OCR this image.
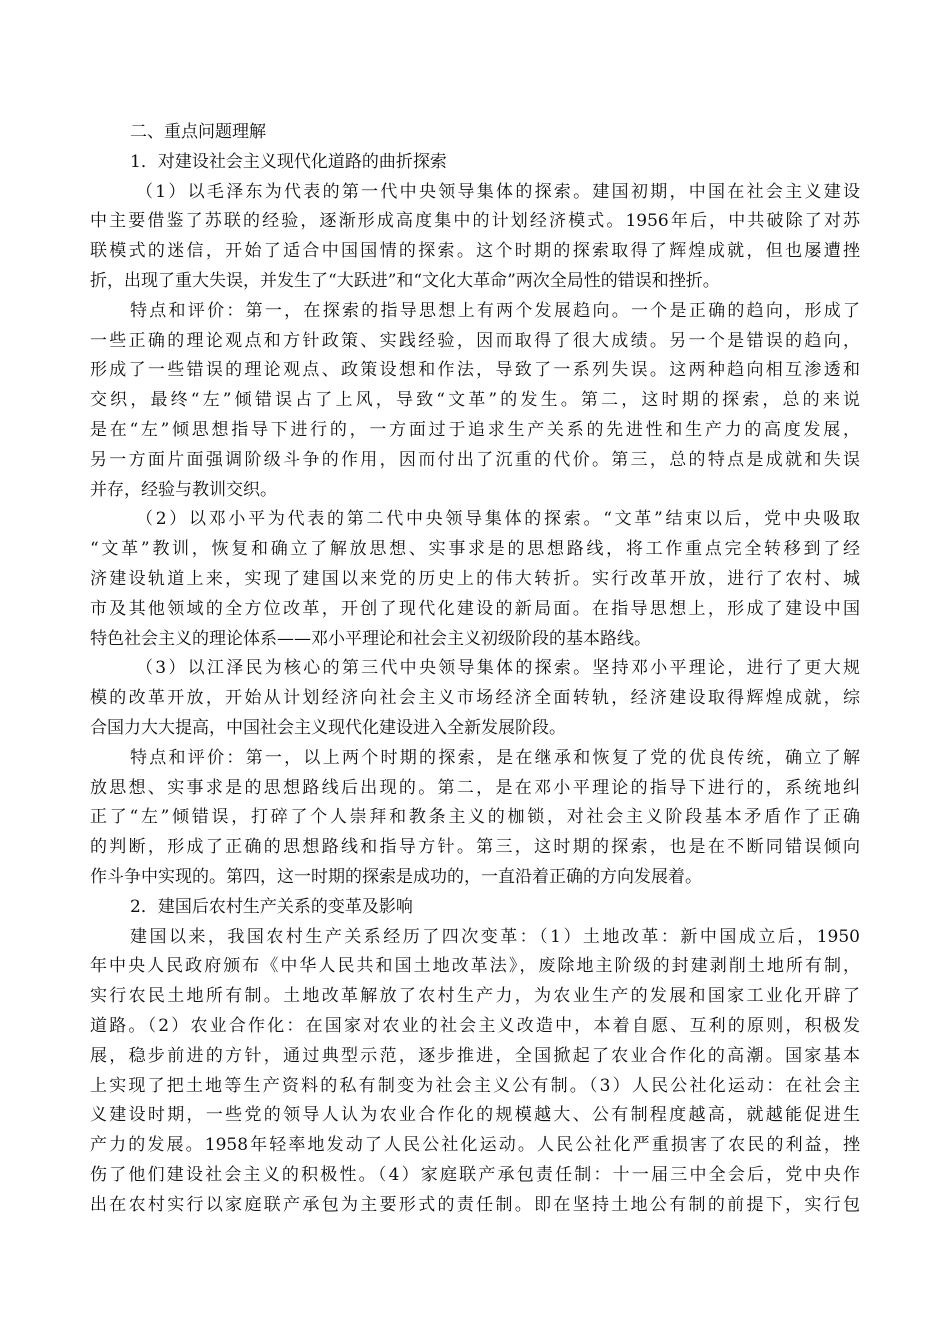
二、重点问题理解
1．对建设社会主义现代化道路的曲折探索
（1）以毛泽东为代表的第一代中央领导集体的探索。建国初期，中国在社会主义建设
中主要借鉴了苏联的经验，逐渐形成高度集中的计划经济模式。1956年后，中共破除了对苏
联模式的迷信，开始了适合中国国情的探索。这个时期的探索取得了辉煌成就，但也屡遭挫
折，出现了重大失误，并发生了“大跃进”和“文化大革命”两次全局性的错误和挫折。
特点和评价：第一，在探索的指导思想上有两个发展趋向。一个是正确的趋向，形成了
一些正确的理论观点和方针政策、实践经验，因而取得了很大成绩。另一个是错误的趋向，
形成了一些错误的理论观点、政策设想和作法，导致了一系列失误。这两种趋向相互渗透和
交织，最终“左”倾错误占了上风，导致“文革”的发生。第二，这时期的探索，总的来说
是在“左”倾思想指导下进行的，一方面过于追求生产关系的先进性和生产力的高度发展，
另一方面片面强调阶级斗争的作用，因而付出了沉重的代价。第三，总的特点是成就和失误
并存，经验与教训交织。
（2）以邓小平为代表的第二代中央领导集体的探索。“文革”结束以后，党中央吸取
“文革”教训，恢复和确立了解放思想、实事求是的思想路线，将工作重点完全转移到了经
济建设轨道上来，实现了建国以来党的历史上的伟大转折。实行改革开放，进行了农村、城
市及其他领域的全方位改革，开创了现代化建设的新局面。在指导思想上，形成了建设中国
特色社会主义的理论体系——邓小平理论和社会主义初级阶段的基本路线。
（3）以江泽民为核心的第三代中央领导集体的探索。坚持邓小平理论，进行了更大规
模的改革开放，开始从计划经济向社会主义市场经济全面转轨，经济建设取得辉煌成就，综
合国力大大提高，中国社会主义现代化建设进入全新发展阶段。
特点和评价：第一，以上两个时期的探索，是在继承和恢复了党的优良传统，确立了解
放思想、实事求是的思想路线后出现的。第二，是在邓小平理论的指导下进行的，系统地纠
正了“左”倾错误，打碎了个人崇拜和教条主义的枷锁，对社会主义阶段基本矛盾作了正确
的判断，形成了正确的思想路线和指导方针。第三，这时期的探索，也是在不断同错误倾向
作斗争中实现的。第四，这一时期的探索是成功的，一直沿着正确的方向发展着。
2．建国后农村生产关系的变革及影响
建国以来，我国农村生产关系经历了四次变革：（1）土地改革：新中国成立后，1950
年中央人民政府颁布《中华人民共和国土地改革法》，废除地主阶级的封建剥削土地所有制，
实行农民土地所有制。土地改革解放了农村生产力，为农业生产的发展和国家工业化开辟了
道路。（2）农业合作化：在国家对农业的社会主义改造中，本着自愿、互利的原则，积极发
展，稳步前进的方针，通过典型示范，逐步推进，全国掀起了农业合作化的高潮。国家基本
上实现了把土地等生产资料的私有制变为社会主义公有制。（3）人民公社化运动：在社会主
义建设时期，一些党的领导人认为农业合作化的规模越大、公有制程度越高，就越能促进生
产力的发展。1958年轻率地发动了人民公社化运动。人民公社化严重损害了农民的利益，挫
伤了他们建设社会主义的积极性。（4）家庭联产承包责任制：十一届三中全会后，党中央作
出在农村实行以家庭联产承包为主要形式的责任制。即在坚持土地公有制的前提下，实行包
